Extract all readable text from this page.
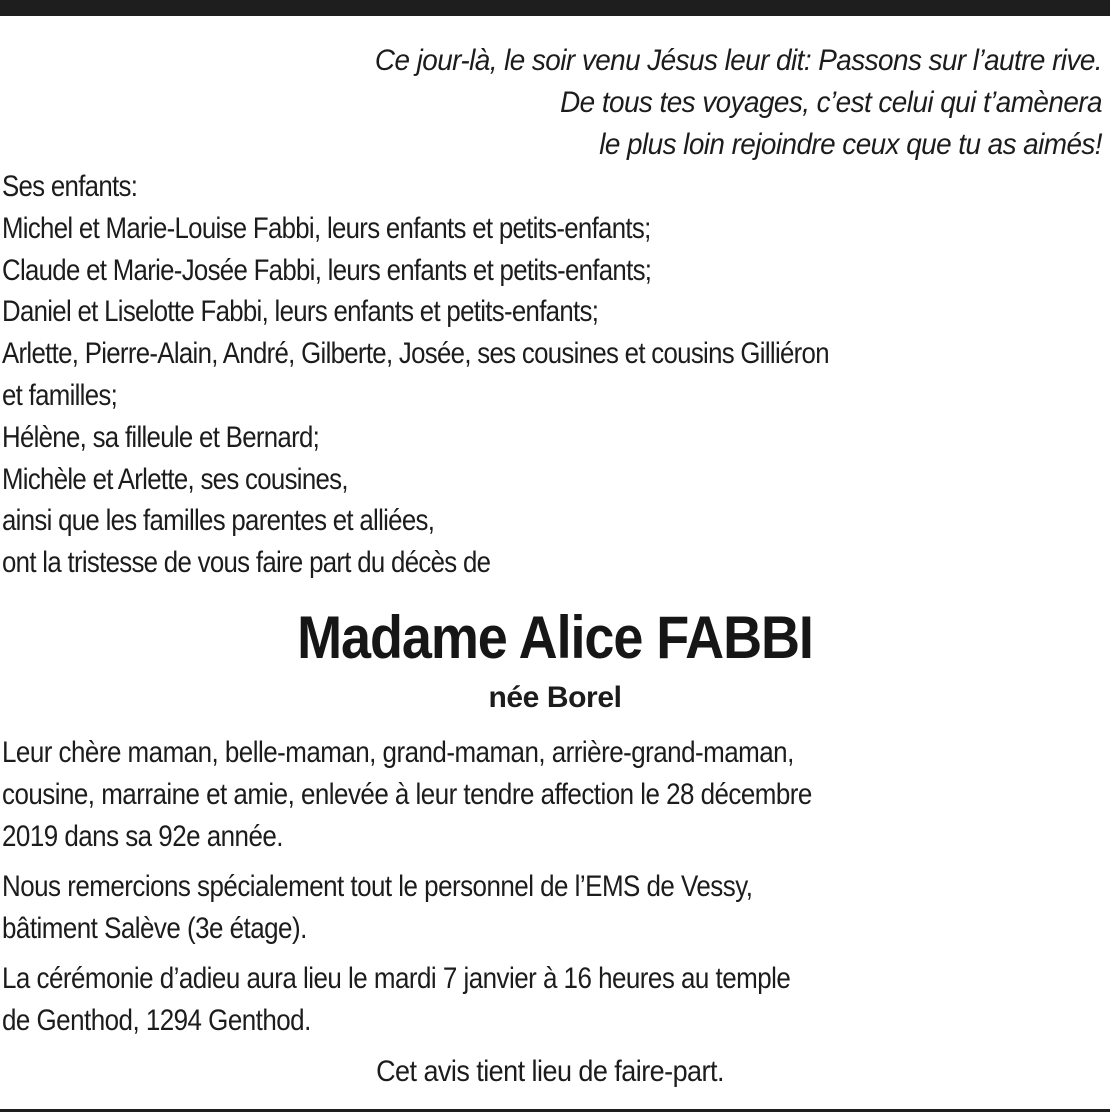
Ce jour-là, le soir venu Jésus leur dit: Passons sur l’autre rive.
De tous tes voyages, c’est celui qui t’amènera
le plus loin rejoindre ceux que tu as aimés!
Ses enfants:
Michel et Marie-Louise Fabbi, leurs enfants et petits-enfants;
Claude et Marie-Josée Fabbi, leurs enfants et petits-enfants;
Daniel et Liselotte Fabbi, leurs enfants et petits-enfants;
Arlette, Pierre-Alain, André, Gilberte, Josée, ses cousines et cousins Gilliéron
et familles;
Hélène, sa filleule et Bernard;
Michèle et Arlette, ses cousines,
ainsi que les familles parentes et alliées,
ont la tristesse de vous faire part du décès de
Madame Alice FABBI
née Borel
Leur chère maman, belle-maman, grand-maman, arrière-grand-maman,
cousine, marraine et amie, enlevée à leur tendre affection le 28 décembre
2019 dans sa 92e année.
Nous remercions spécialement tout le personnel de l’EMS de Vessy,
bâtiment Salève (3e étage).
La cérémonie d’adieu aura lieu le mardi 7 janvier à 16 heures au temple
de Genthod, 1294 Genthod.
Cet avis tient lieu de faire-part.
